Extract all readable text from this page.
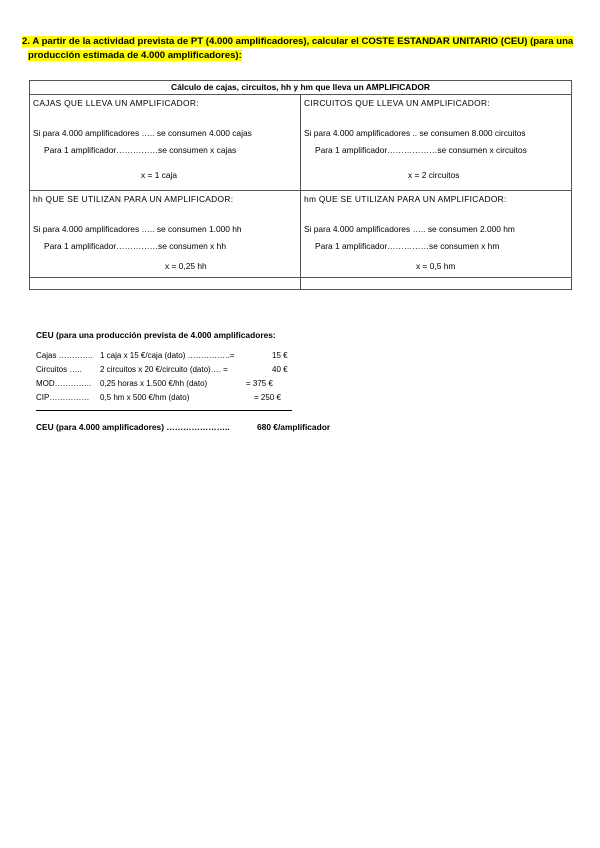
2. A partir de la actividad prevista de PT (4.000 amplificadores), calcular el COSTE ESTANDAR UNITARIO (CEU) (para una
producción estimada de 4.000 amplificadores):
Cálculo de cajas, circuitos, hh y hm que lleva un AMPLIFICADOR	

CAJAS QUE LLEVA UN AMPLIFICADOR:
Si para 4.000 amplificadores ….. se consumen 4.000 cajas
Para 1 amplificador……………se consumen x cajas
x = 1 caja	CIRCUITOS QUE LLEVA UN AMPLIFICADOR:
Si para 4.000 amplificadores .. se consumen 8.000 circuitos
Para 1 amplificador………………se consumen x circuitos
x = 2 circuitos

hh QUE SE UTILIZAN PARA UN AMPLIFICADOR:
Si para 4.000 amplificadores ….. se consumen 1.000 hh
Para 1 amplificador……………se consumen x hh
x = 0,25 hh	hm QUE SE UTILIZAN PARA UN AMPLIFICADOR:
Si para 4.000 amplificadores ….. se consumen 2.000 hm
Para 1 amplificador……………se consumen x hm
x = 0,5 hm

CEU (para una producción prevista de 4.000 amplificadores:
Cajas …………. 1 caja x 15 €/caja (dato) …………….=	15 €
Circuitos ….. 2 circuitos x 20 €/circuito (dato)…. =	40 €
MOD………….. 0,25 horas x 1.500 €/hh (dato)	= 375 €
CIP…………… 0,5 hm x 500 €/hm (dato)	= 250 €
CEU (para 4.000 amplificadores) …………………..	680 €/amplificador
